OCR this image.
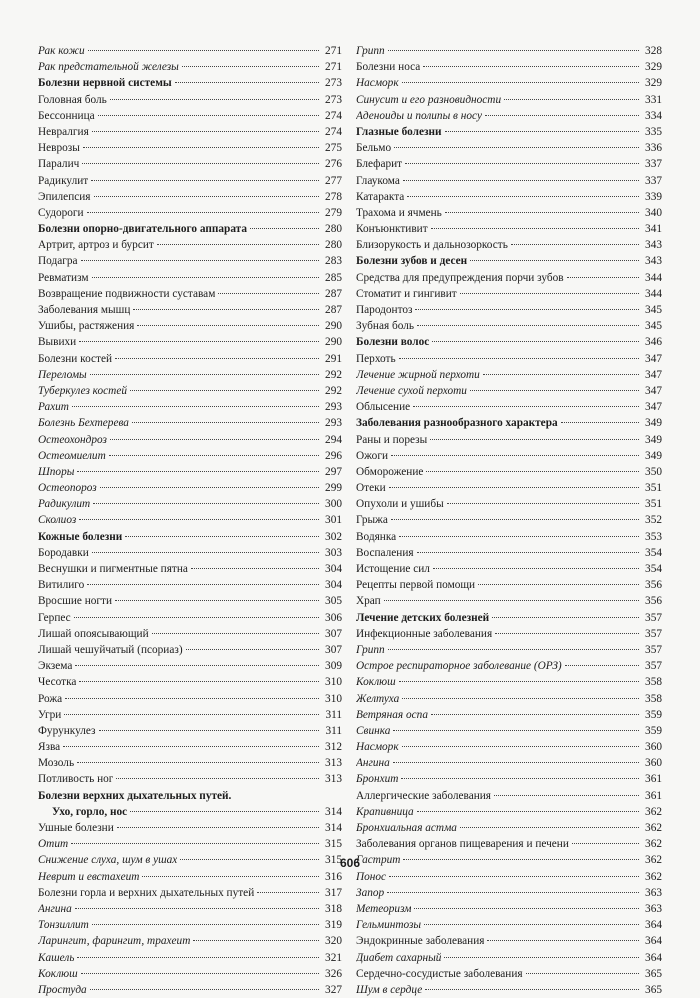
Рак кожи	271
Рак предстательной железы	271
Болезни нервной системы	273
Головная боль	273
Бессонница	274
Невралгия	274
Неврозы	275
Паралич	276
Радикулит	277
Эпилепсия	278
Судороги	279
Болезни опорно-двигательного аппарата	280
Артрит, артроз и бурсит	280
Подагра	283
Ревматизм	285
Возвращение подвижности суставам	287
Заболевания мышц	287
Ушибы, растяжения	290
Вывихи	290
Болезни костей	291
Переломы	292
Туберкулез костей	292
Рахит	293
Болезнь Бехтерева	293
Остеохондроз	294
Остеомиелит	296
Шпоры	297
Остеопороз	299
Радикулит	300
Сколиоз	301
Кожные болезни	302
Бородавки	303
Веснушки и пигментные пятна	304
Витилиго	304
Вросшие ногти	305
Герпес	306
Лишай опоясывающий	307
Лишай чешуйчатый (псориаз)	307
Экзема	309
Чесотка	310
Рожа	310
Угри	311
Фурункулез	311
Язва	312
Мозоль	313
Потливость ног	313
Болезни верхних дыхательных путей.
Ухо, горло, нос	314
Ушные болезни	314
Отит	315
Снижение слуха, шум в ушах	315
Неврит и евстахеит	316
Болезни горла и верхних дыхательных путей	317
Ангина	318
Тонзиллит	319
Ларингит, фарингит, трахеит	320
Кашель	321
Коклюш	326
Простуда	327
Грипп	328
Болезни носа	329
Насморк	329
Синусит и его разновидности	331
Аденоиды и полипы в носу	334
Глазные болезни	335
Бельмо	336
Блефарит	337
Глаукома	337
Катаракта	339
Трахома и ячмень	340
Конъюнктивит	341
Близорукость и дальнозоркость	343
Болезни зубов и десен	343
Средства для предупреждения порчи зубов	344
Стоматит и гингивит	344
Пародонтоз	345
Зубная боль	345
Болезни волос	346
Перхоть	347
Лечение жирной перхоти	347
Лечение сухой перхоти	347
Облысение	347
Заболевания разнообразного характера	349
Раны и порезы	349
Ожоги	349
Обморожение	350
Отеки	351
Опухоли и ушибы	351
Грыжа	352
Водянка	353
Воспаления	354
Истощение сил	354
Рецепты первой помощи	356
Храп	356
Лечение детских болезней	357
Инфекционные заболевания	357
Грипп	357
Острое респираторное заболевание (ОРЗ)	357
Коклюш	358
Желтуха	358
Ветряная оспа	359
Свинка	359
Насморк	360
Ангина	360
Бронхит	361
Аллергические заболевания	361
Крапивница	362
Бронхиальная астма	362
Заболевания органов пищеварения и печени	362
Гастрит	362
Понос	362
Запор	363
Метеоризм	363
Гельминтозы	364
Эндокринные заболевания	364
Диабет сахарный	364
Сердечно-сосудистые заболевания	365
Шум в сердце	365
606
